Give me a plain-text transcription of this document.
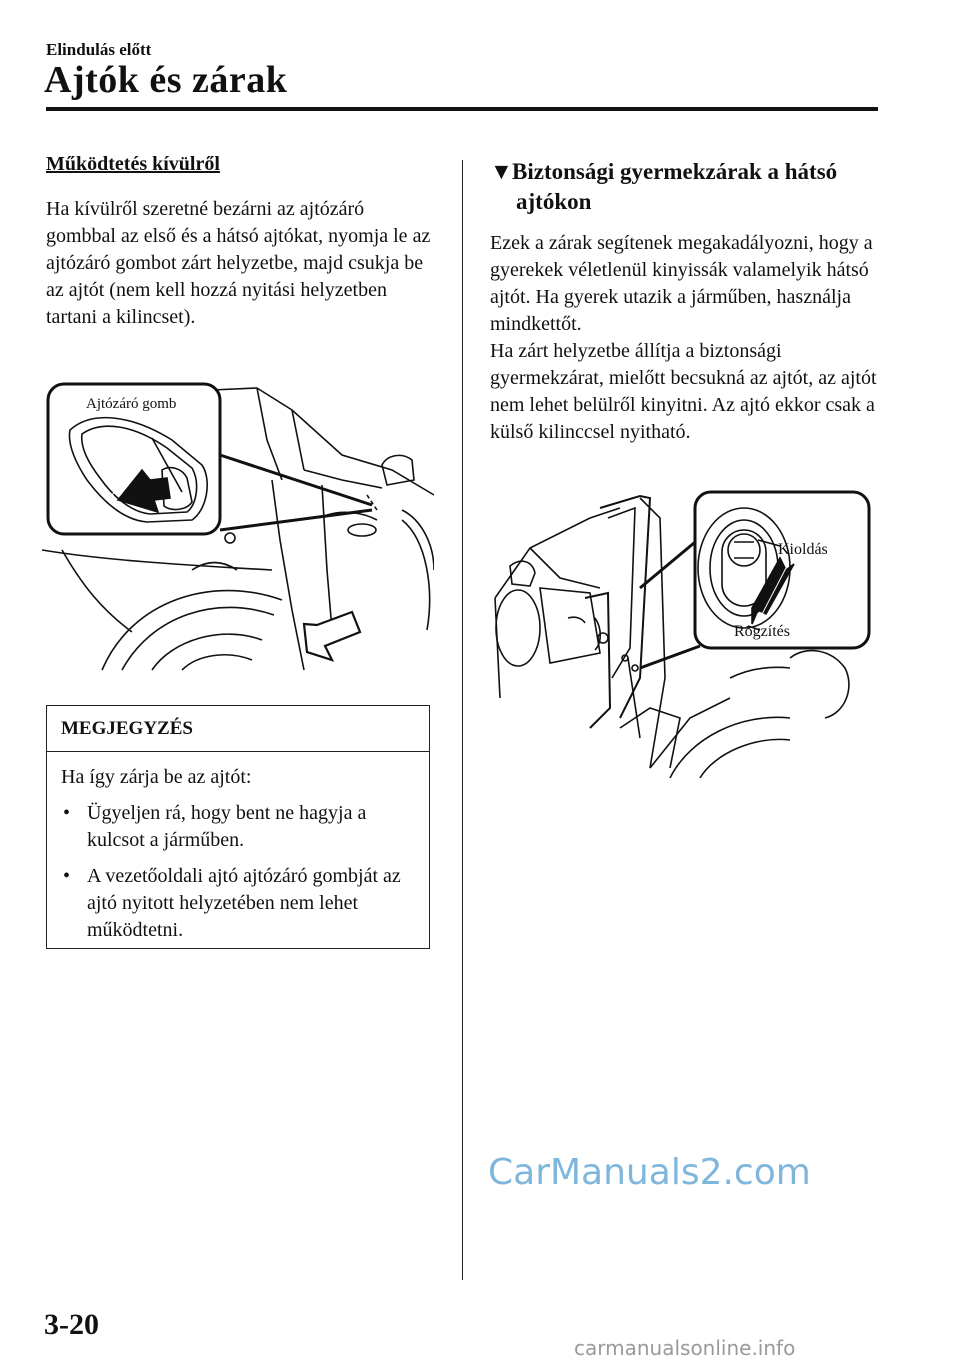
Elindulás előtt
Ajtók és zárak
Működtetés kívülről
Ha kívülről szeretné bezárni az ajtózáró gombbal az első és a hátsó ajtókat, nyomja le az ajtózáró gombot zárt helyzetbe, majd csukja be az ajtót (nem kell hozzá nyitási helyzetben tartani a kilincset).
Ajtózáró gomb
MEGJEGYZÉS
Ha így zárja be az ajtót:
• Ügyeljen rá, hogy bent ne hagyja a kulcsot a járműben.
• A vezetőoldali ajtó ajtózáró gombját az ajtó nyitott helyzetében nem lehet működtetni.
▼Biztonsági gyermekzárak a hátsó
ajtókon
Ezek a zárak segítenek megakadályozni, hogy a gyerekek véletlenül kinyissák valamelyik hátsó ajtót. Ha gyerek utazik a járműben, használja mindkettőt.
Ha zárt helyzetbe állítja a biztonsági gyermekzárat, mielőtt becsukná az ajtót, az ajtót nem lehet belülről kinyitni. Az ajtó ekkor csak a külső kilinccsel nyitható.
Kioldás
Rögzítés
3-20
CarManuals2.com
carmanualsonline.info
